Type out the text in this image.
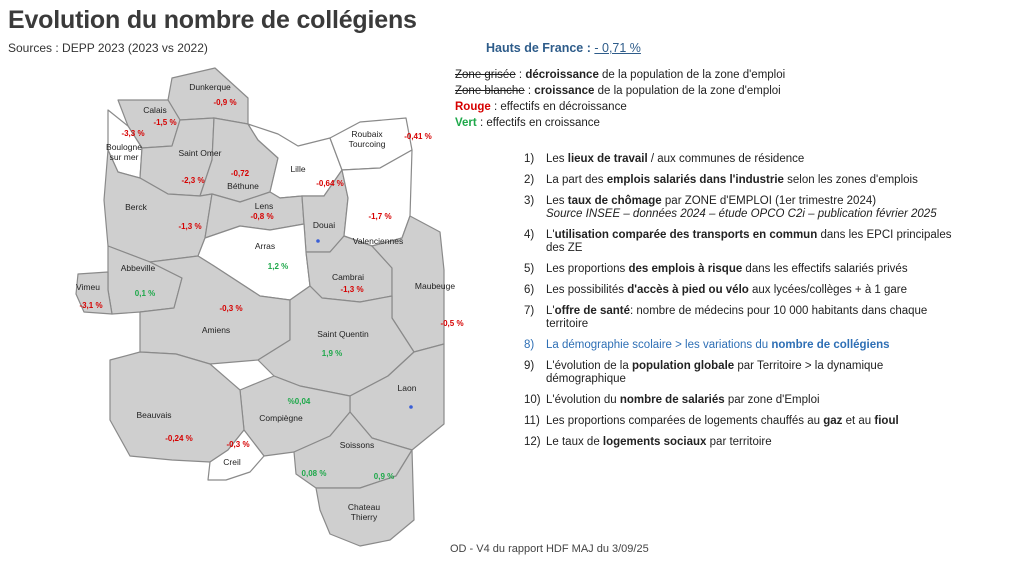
Evolution du nombre de collégiens
Sources : DEPP 2023 (2023 vs 2022)	Hauts de France : - 0,71 %
Zone grisée : décroissance de la population de la zone d'emploi
Zone blanche : croissance de la population de la zone d'emploi
Rouge : effectifs en décroissance
Vert : effectifs en croissance
1) Les lieux de travail / aux communes de résidence
2) La part des emplois salariés dans l'industrie selon les zones d'emplois
3) Les taux de chômage par ZONE d'EMPLOI (1er trimestre 2024)
Source INSEE – données 2024 – étude OPCO C2i – publication février 2025
4) L'utilisation comparée des transports en commun dans les EPCI principales des ZE
5) Les proportions des emplois à risque dans les effectifs salariés privés
6) Les possibilités d'accès à pied ou vélo aux lycées/collèges + à 1 gare
7) L'offre de santé: nombre de médecins pour 10 000 habitants dans chaque territoire
8) La démographie scolaire > les variations du nombre de collégiens
9) L'évolution de la population globale par Territoire > la dynamique démographique
10) L'évolution du nombre de salariés par zone d'Emploi
11) Les proportions comparées de logements chauffés au gaz et au fioul
12) Le taux de logements sociaux par territoire
Dunkerque
-0,9 %
Calais
-1,5 %
Boulogne sur mer
-3,3 %
Saint Omer
-2,3 %
Béthune
-0,72	Lille
-0,64 %
Roubaix Tourcoing
-0,41 %
Berck
-1,3 %
Lens
-0,8 %
Douai
Valenciennes
-1,7 %
Arras
1,2 %
Abbeville
0,1 %
Vimeu
-3,1 %
Cambrai
-1,3 %	Maubeuge
-0,5 %
Amiens
-0,3 %
Saint Quentin
1,9 %
Laon
Compiègne
%0,04
Beauvais
-0,24 %
Creil
-0,3 %	Soissons
0,08 %
Chateau Thierry
0,9 %
OD - V4 du rapport HDF MAJ du 3/09/25
